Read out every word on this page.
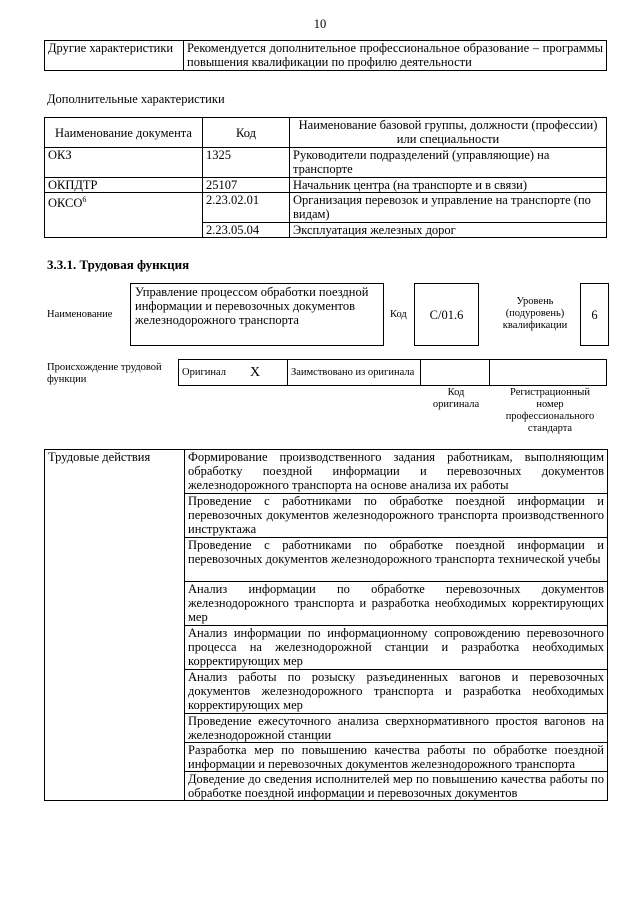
10
Другие характеристики	Рекомендуется дополнительное профессиональное образование – программы повышения квалификации по профилю деятельности
Дополнительные характеристики
Наименование документа	Код	Наименование базовой группы, должности (профессии) или специальности
ОКЗ	1325	Руководители подразделений (управляющие) на транспорте
ОКПДТР	25107	Начальник центра (на транспорте и в связи)
ОКСО$^6$	2.23.02.01	Организация перевозок и управление на транспорте (по видам)
	2.23.05.04	Эксплуатация железных дорог
3.3.1. Трудовая функция
Наименование
Управление процессом обработки поездной информации и перевозочных документов железнодорожного транспорта	Код С/01.6
Уровень (подуровень) квалификации
6
Происхождение трудовой функции
Оригинал	X	Заимствовано из оригинала		
Код оригинала
Регистрационный номер профессионального стандарта
Трудовые действия	Формирование производственного задания работникам, выполняющим обработку поездной информации и перевозочных документов железнодорожного транспорта на основе анализа их работы
Проведение с работниками по обработке поездной информации и перевозочных документов железнодорожного транспорта производственного инструктажа
Проведение с работниками по обработке поездной информации и перевозочных документов железнодорожного транспорта технической учебы
Анализ информации по обработке перевозочных документов железнодорожного транспорта и разработка необходимых корректирующих мер
Анализ информации по информационному сопровождению перевозочного процесса на железнодорожной станции и разработка необходимых корректирующих мер
Анализ работы по розыску разъединенных вагонов и перевозочных документов железнодорожного транспорта и разработка необходимых корректирующих мер
Проведение ежесуточного анализа сверхнормативного простоя вагонов на железнодорожной станции
Разработка мер по повышению качества работы по обработке поездной информации и перевозочных документов железнодорожного транспорта
Доведение до сведения исполнителей мер по повышению качества работы по обработке поездной информации и перевозочных документов
